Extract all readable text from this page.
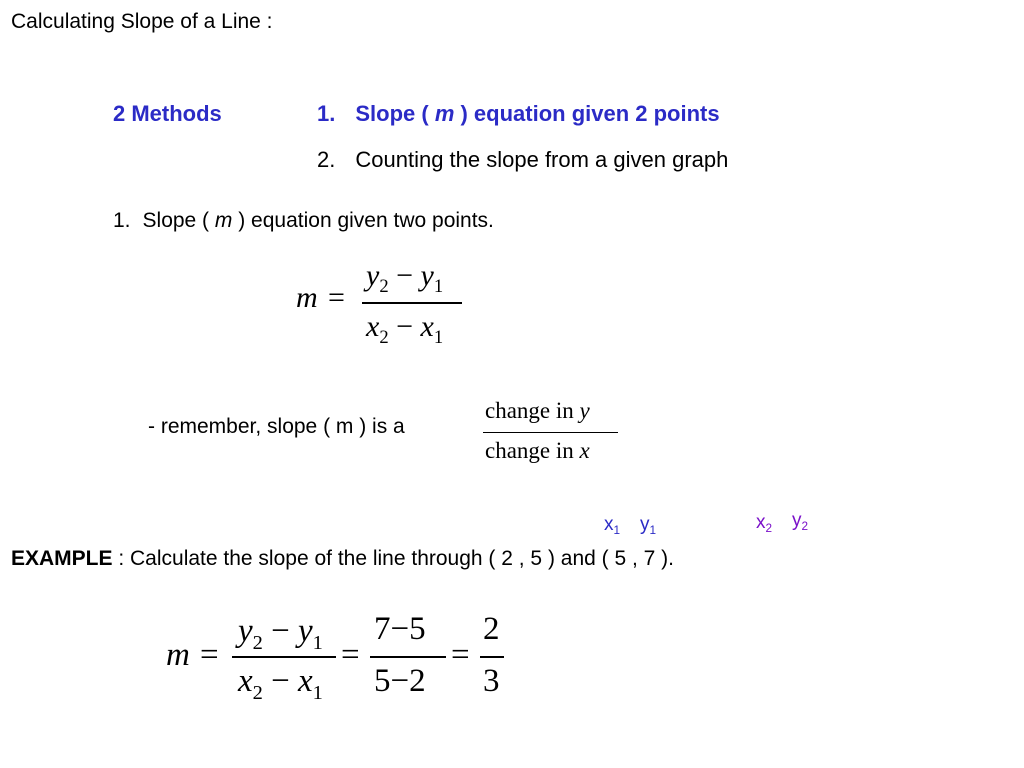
Calculating Slope of a Line :
2 Methods	1. Slope ( m ) equation given 2 points
2. Counting the slope from a given graph
1. Slope ( m ) equation given two points.
m =
$y_2 - y_1$
$x_2 - x_1$
- remember, slope ( m ) is a
change in y
change in x
x1 y1	x2 y2
EXAMPLE : Calculate the slope of the line through ( 2 , 5 ) and ( 5 , 7 ).
m =
$y_2 - y_1$
$x_2 - x_1$
=
7−5
5−2
=
2
3
